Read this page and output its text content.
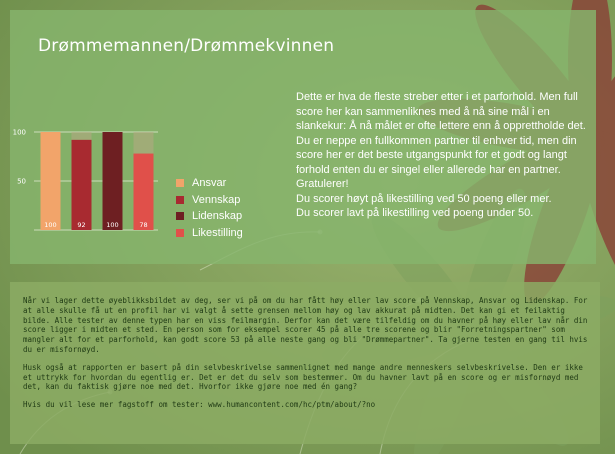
Drømmemannen/Drømmekvinnen
50
100
100	92	100	78
Ansvar
Vennskap
Lidenskap
Likestilling

Dette er hva de fleste streber etter i et parforhold. Men full score her kan sammenliknes med å nå sine mål i en slankekur: Å nå målet er ofte lettere enn å opprettholde det. Du er neppe en fullkommen partner til enhver tid, men din score her er det beste utgangspunkt for et godt og langt forhold enten du er singel eller allerede har en partner. Gratulerer!

Du scorer høyt på likestilling ved 50 poeng eller mer.

Du scorer lavt på likestilling ved poeng under 50.

Når vi lager dette øyeblikksbildet av deg, ser vi på om du har fått høy eller lav score på Vennskap, Ansvar og Lidenskap. For at alle skulle få ut en profil har vi valgt å sette grensen mellom høy og lav akkurat på midten. Det kan gi et feilaktig bilde. Alle tester av denne typen har en viss feilmargin. Derfor kan det være tilfeldig om du havner på høy eller lav når din score ligger i midten et sted. En person som for eksempel scorer 45 på alle tre scorene og blir "Forretningspartner" som mangler alt for et parforhold, kan godt score 53 på alle neste gang og bli "Drømmepartner". Ta gjerne testen en gang til hvis du er misfornøyd.

Husk også at rapporten er basert på din selvbeskrivelse sammenlignet med mange andre menneskers selvbeskrivelse. Den er ikke et uttrykk for hvordan du egentlig er. Det er det du selv som bestemmer. Om du havner lavt på en score og er misfornøyd med det, kan du faktisk gjøre noe med det. Hvorfor ikke gjøre noe med én gang?

Hvis du vil lese mer fagstoff om tester: www.humancontent.com/hc/ptm/about/?no
